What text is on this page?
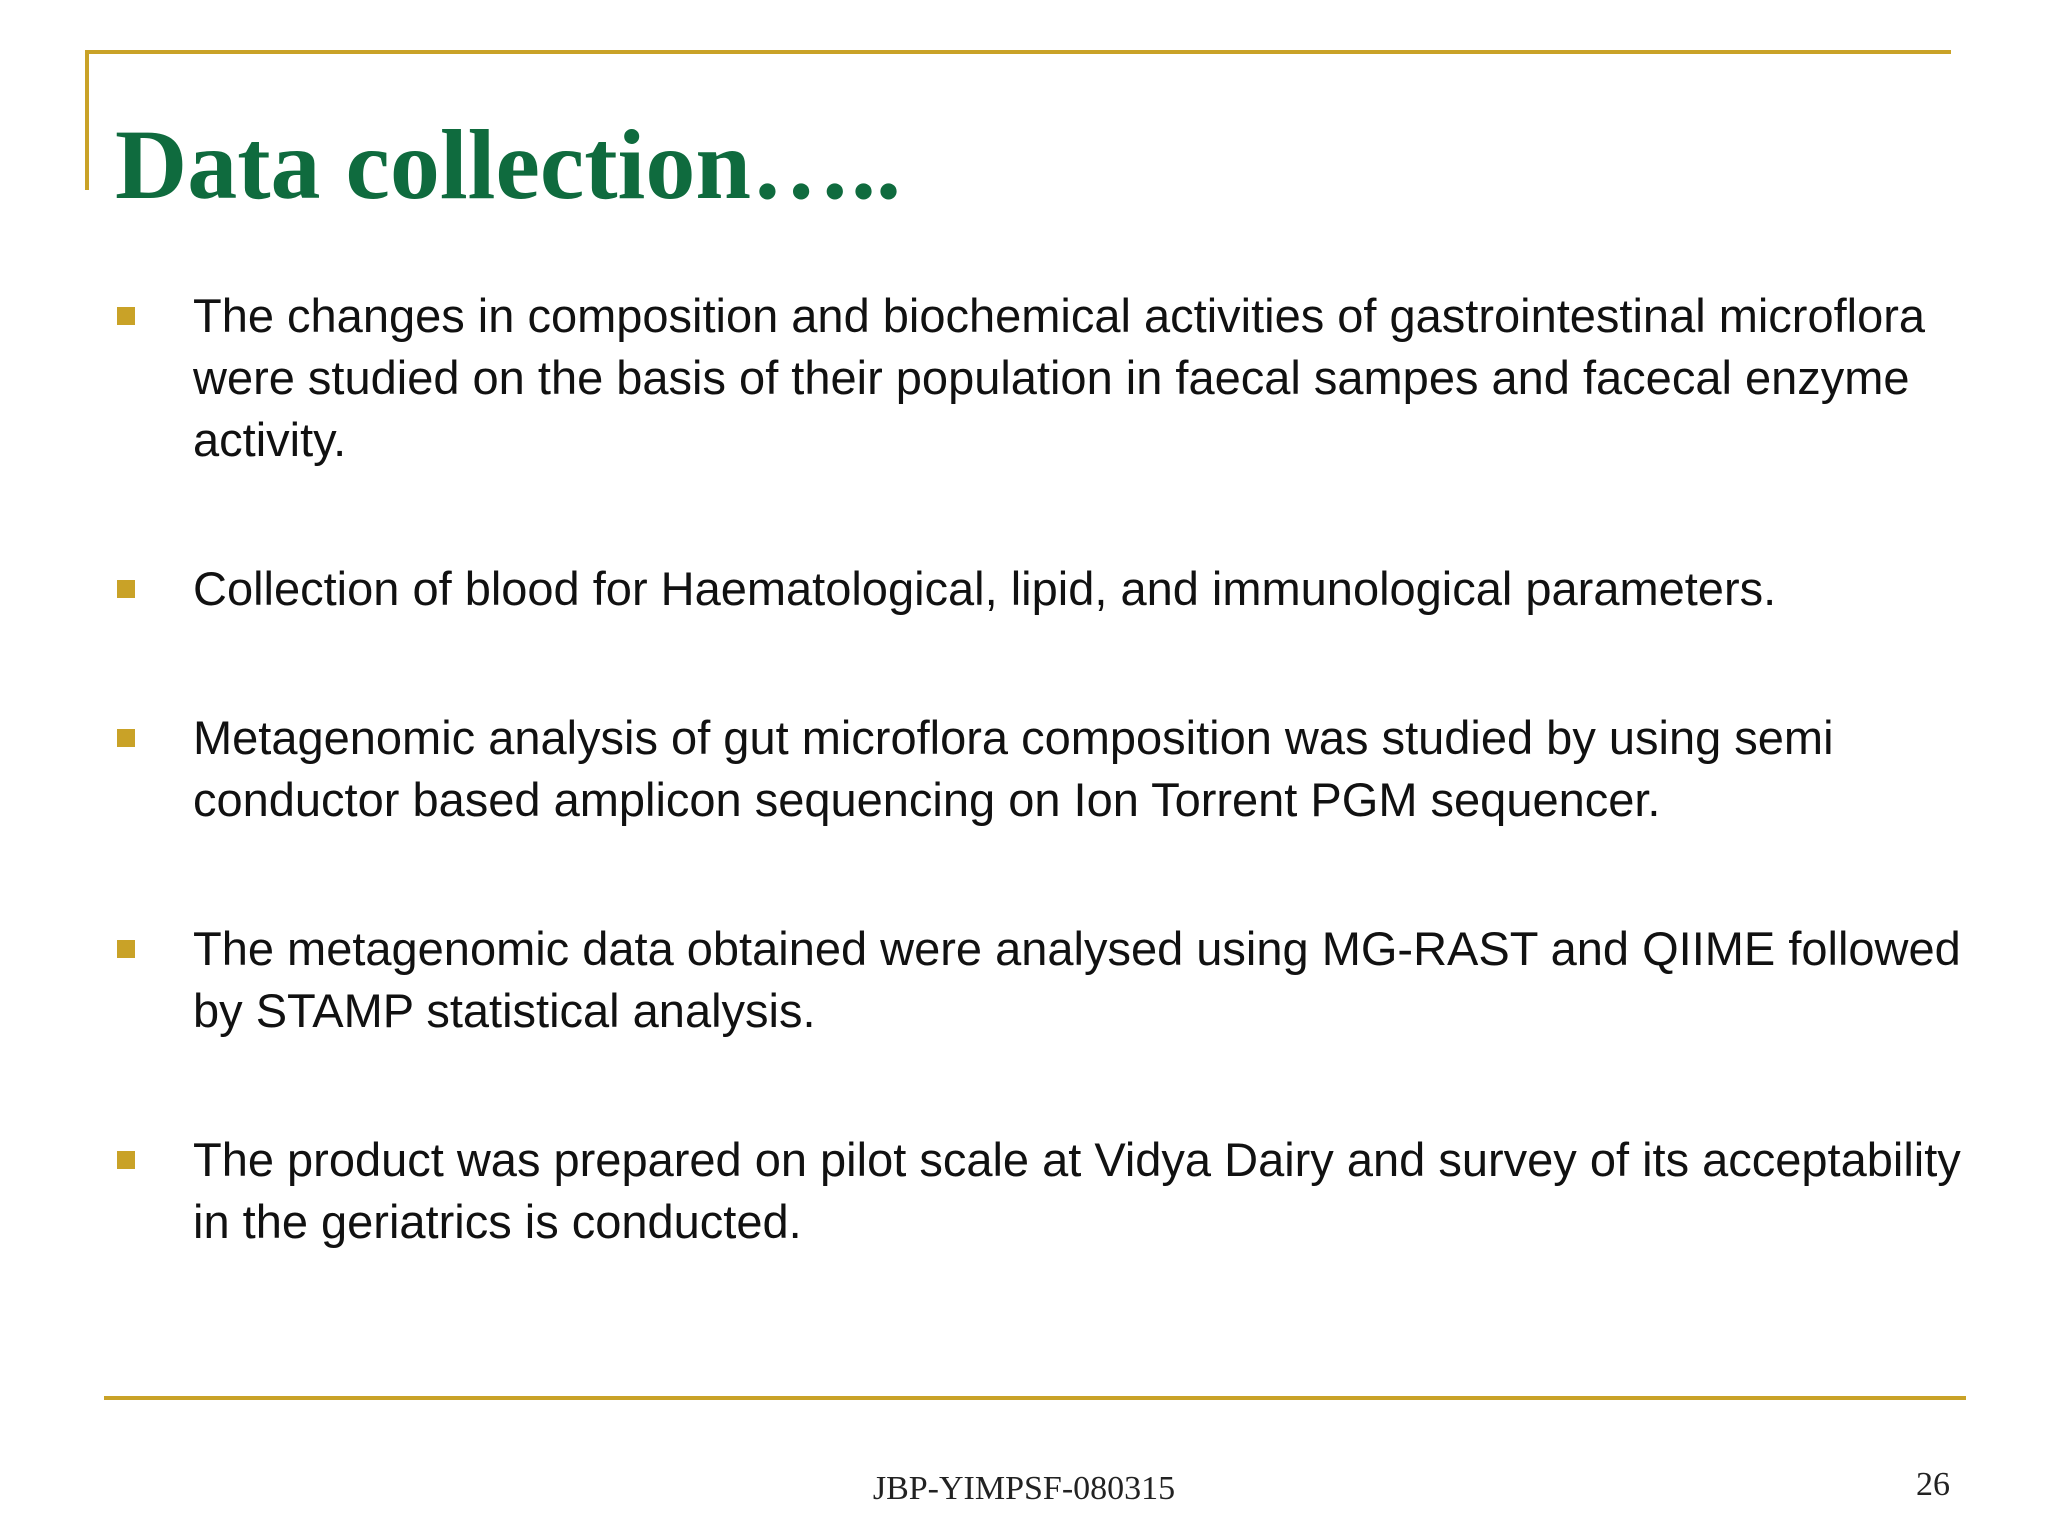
Data collection…..
The changes in composition and biochemical activities of gastrointestinal microflora were studied on the basis of their population in faecal sampes and facecal enzyme activity.
Collection of blood for Haematological, lipid, and immunological parameters.
Metagenomic analysis of gut microflora composition was studied by using semi conductor based amplicon sequencing on Ion Torrent PGM sequencer.
The metagenomic data obtained were analysed using MG-RAST and QIIME followed by STAMP statistical analysis.
The product was prepared on pilot scale at Vidya Dairy and survey of its acceptability in the geriatrics is conducted.
JBP-YIMPSF-080315	26
